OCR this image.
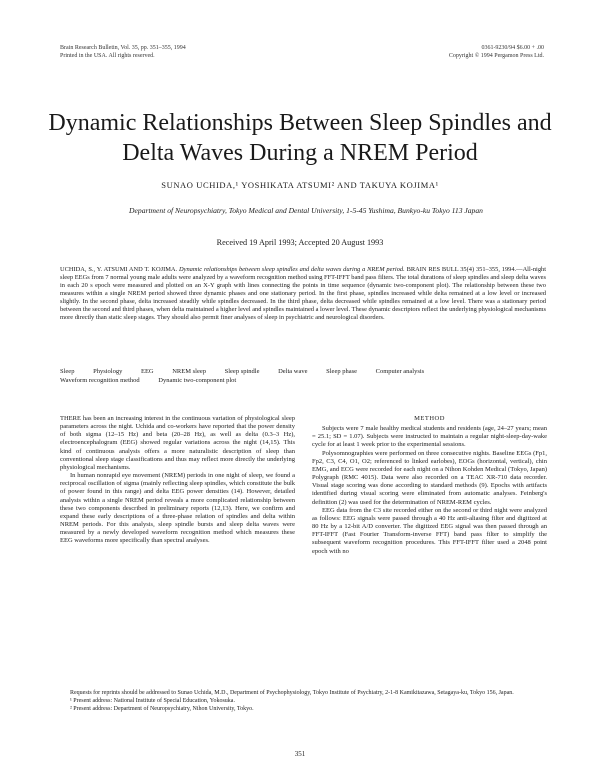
Brain Research Bulletin, Vol. 35, pp. 351–355, 1994
Printed in the USA. All rights reserved.
0361-9230/94 $6.00 + .00
Copyright © 1994 Pergamon Press Ltd.
Dynamic Relationships Between Sleep Spindles and Delta Waves During a NREM Period
SUNAO UCHIDA,¹ YOSHIKATA ATSUMI² AND TAKUYA KOJIMA¹
Department of Neuropsychiatry, Tokyo Medical and Dental University, 1-5-45 Yushima, Bunkyo-ku Tokyo 113 Japan
Received 19 April 1993; Accepted 20 August 1993
UCHIDA, S., Y. ATSUMI AND T. KOJIMA. Dynamic relationships between sleep spindles and delta waves during a NREM period. BRAIN RES BULL 35(4) 351–355, 1994.—All-night sleep EEGs from 7 normal young male adults were analyzed by a waveform recognition method using FFT-IFFT band pass filters. The total durations of sleep spindles and sleep delta waves in each 20 s epoch were measured and plotted on an X-Y graph with lines connecting the points in time sequence (dynamic two-component plot). The relationship between these two measures within a single NREM period showed three dynamic phases and one stationary period. In the first phase, spindles increased while delta remained at a low level or increased slightly. In the second phase, delta increased steadily while spindles decreased. In the third phase, delta decreased while spindles remained at a low level. There was a stationary period between the second and third phases, when delta maintained a higher level and spindles maintained a lower level. These dynamic descriptors reflect the underlying physiological mechanisms more directly than static sleep stages. They should also permit finer analyses of sleep in psychiatric and neurological disorders.
Sleep	Physiology	EEG	NREM sleep	Sleep spindle	Delta wave	Sleep phase	Computer analysis
Waveform recognition method	Dynamic two-component plot

THERE has been an increasing interest in the continuous variation of physiological sleep parameters across the night. Uchida and co-workers have reported that the power density of both sigma (12–15 Hz) and beta (20–28 Hz), as well as delta (0.3–3 Hz), electroencephalogram (EEG) showed regular variations across the night (14,15). This kind of continuous analysis offers a more naturalistic description of sleep than conventional sleep stage classifications and thus may reflect more directly the underlying physiological mechanisms.

In human nonrapid eye movement (NREM) periods in one night of sleep, we found a reciprocal oscillation of sigma (mainly reflecting sleep spindles, which constitute the bulk of power found in this range) and delta EEG power densities (14). However, detailed analysis within a single NREM period reveals a more complicated relationship between these two components described in preliminary reports (12,13). Here, we confirm and expand these early descriptions of a three-phase relation of spindles and delta within NREM periods. For this analysis, sleep spindle bursts and sleep delta waves were measured by a newly developed waveform recognition method which measures these EEG waveforms more specifically than spectral analyses.

METHOD

Subjects were 7 male healthy medical students and residents (age, 24–27 years; mean = 25.1; SD = 1.07). Subjects were instructed to maintain a regular night-sleep-day-wake cycle for at least 1 week prior to the experimental sessions.

Polysomnographies were performed on three consecutive nights. Baseline EEGs (Fp1, Fp2, C3, C4, O1, O2; referenced to linked earlobes), EOGs (horizontal, vertical), chin EMG, and ECG were recorded for each night on a Nihon Kohden Medical (Tokyo, Japan) Polygraph (RMC 4015). Data were also recorded on a TEAC XR-710 data recorder. Visual stage scoring was done according to standard methods (9). Epochs with artifacts identified during visual scoring were eliminated from automatic analyses. Feinberg's definition (2) was used for the determination of NREM-REM cycles.

EEG data from the C3 site recorded either on the second or third night were analyzed as follows: EEG signals were passed through a 40 Hz anti-aliasing filter and digitized at 80 Hz by a 12-bit A/D converter. The digitized EEG signal was then passed through an FFT-IFFT (Fast Fourier Transform-inverse FFT) band pass filter to simplify the subsequent waveform recognition procedures. This FFT-IFFT filter used a 2048 point epoch with no

Requests for reprints should be addressed to Sunao Uchida, M.D., Department of Psychophysiology, Tokyo Institute of Psychiatry, 2-1-8 Kamikitazawa, Setagaya-ku, Tokyo 156, Japan.

¹ Present address: National Institute of Special Education, Yokosuka.

² Present address: Department of Neuropsychiatry, Nihon University, Tokyo.

351
